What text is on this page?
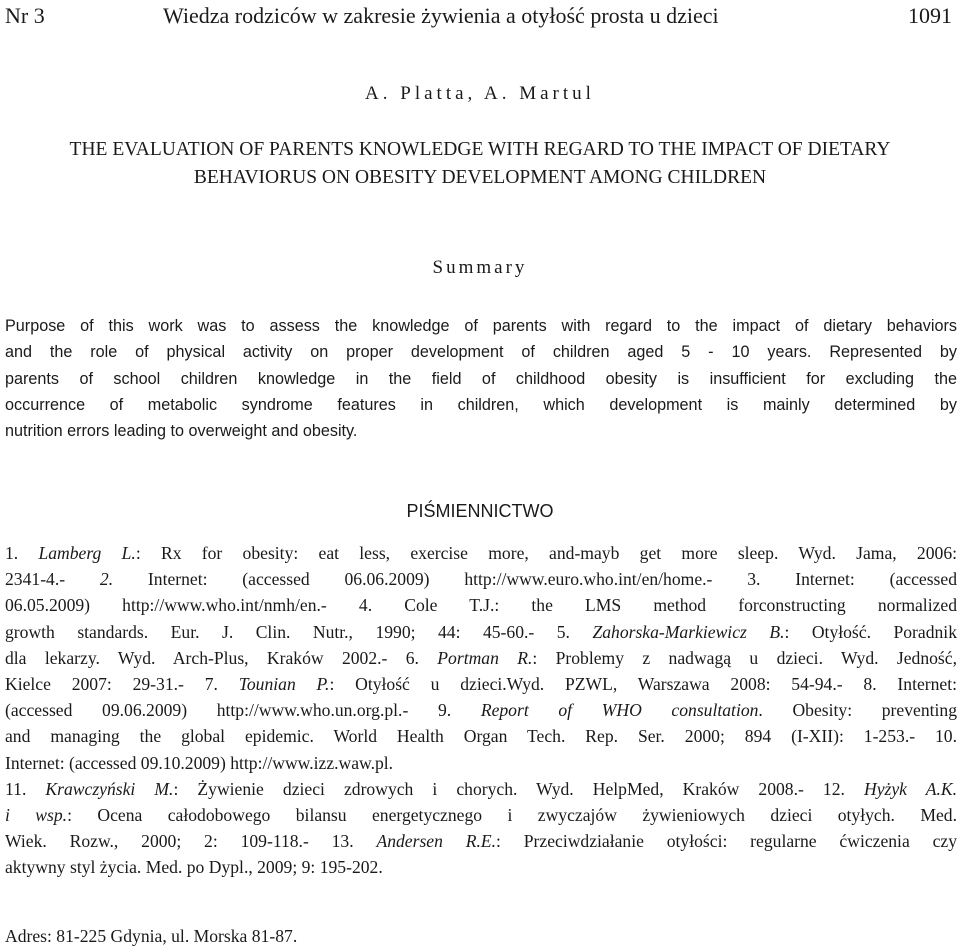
Nr 3	Wiedza rodziców w zakresie żywienia a otyłość prosta u dzieci	1091
A. Platta, A. Martul
THE EVALUATION OF PARENTS KNOWLEDGE WITH REGARD TO THE IMPACT OF DIETARY
BEHAVIORUS ON OBESITY DEVELOPMENT AMONG CHILDREN
Summary
Purpose of this work was to assess the knowledge of parents with regard to the impact of dietary behaviors
and the role of physical activity on proper development of children aged 5 - 10 years. Represented by
parents of school children knowledge in the field of childhood obesity is insufficient for excluding the
occurrence of metabolic syndrome features in children, which development is mainly determined by
nutrition errors leading to overweight and obesity.
PIŚMIENNICTWO
1. Lamberg L.: Rx for obesity: eat less, exercise more, and-mayb get more sleep. Wyd. Jama, 2006:
2341-4.- 2. Internet: (accessed 06.06.2009) http://www.euro.who.int/en/home.- 3. Internet: (accessed
06.05.2009) http://www.who.int/nmh/en.- 4. Cole T.J.: the LMS method forconstructing normalized
growth standards. Eur. J. Clin. Nutr., 1990; 44: 45-60.- 5. Zahorska-Markiewicz B.: Otyłość. Poradnik
dla lekarzy. Wyd. Arch-Plus, Kraków 2002.- 6. Portman R.: Problemy z nadwagą u dzieci. Wyd. Jedność,
Kielce 2007: 29-31.- 7. Tounian P.: Otyłość u dzieci.Wyd. PZWL, Warszawa 2008: 54-94.- 8. Internet:
(accessed 09.06.2009) http://www.who.un.org.pl.- 9. Report of WHO consultation. Obesity: preventing
and managing the global epidemic. World Health Organ Tech. Rep. Ser. 2000; 894 (I-XII): 1-253.- 10.
Internet: (accessed 09.10.2009) http://www.izz.waw.pl.
11. Krawczyński M.: Żywienie dzieci zdrowych i chorych. Wyd. HelpMed, Kraków 2008.- 12. Hyżyk A.K.
i wsp.: Ocena całodobowego bilansu energetycznego i zwyczajów żywieniowych dzieci otyłych. Med.
Wiek. Rozw., 2000; 2: 109-118.- 13. Andersen R.E.: Przeciwdziałanie otyłości: regularne ćwiczenia czy
aktywny styl życia. Med. po Dypl., 2009; 9: 195-202.
Adres: 81-225 Gdynia, ul. Morska 81-87.
